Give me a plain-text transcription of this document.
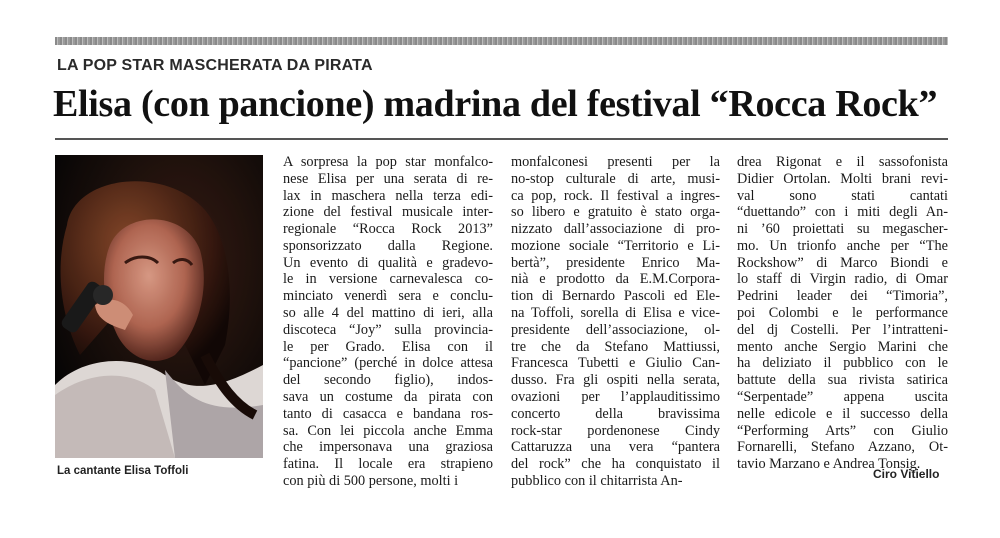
LA POP STAR MASCHERATA DA PIRATA
Elisa (con pancione) madrina del festival “Rocca Rock”
La cantante Elisa Toffoli
A sorpresa la pop star monfalco-
nese Elisa per una serata di re-
lax in maschera nella terza edi-
zione del festival musicale inter-
regionale “Rocca Rock 2013”
sponsorizzato dalla Regione.
Un evento di qualità e gradevo-
le in versione carnevalesca co-
minciato venerdì sera e conclu-
so alle 4 del mattino di ieri, alla
discoteca “Joy” sulla provincia-
le per Grado. Elisa con il
“pancione” (perché in dolce attesa
del secondo figlio), indos-
sava un costume da pirata con
tanto di casacca e bandana ros-
sa. Con lei piccola anche Emma
che impersonava una graziosa
fatina. Il locale era strapieno
con più di 500 persone, molti i
monfalconesi presenti per la
no-stop culturale di arte, musi-
ca pop, rock. Il festival a ingres-
so libero e gratuito è stato orga-
nizzato dall’associazione di pro-
mozione sociale “Territorio e Li-
bertà”, presidente Enrico Ma-
nià e prodotto da E.M.Corpora-
tion di Bernardo Pascoli ed Ele-
na Toffoli, sorella di Elisa e vice-
presidente dell’associazione, ol-
tre che da Stefano Mattiussi,
Francesca Tubetti e Giulio Can-
dusso. Fra gli ospiti nella serata,
ovazioni per l’applauditissimo
concerto della bravissima
rock-star pordenonese Cindy
Cattaruzza una vera “pantera
del rock” che ha conquistato il
pubblico con il chitarrista An-
drea Rigonat e il sassofonista
Didier Ortolan. Molti brani revi-
val sono stati cantati
“duettando” con i miti degli An-
ni ’60 proiettati su megascher-
mo. Un trionfo anche per “The
Rockshow” di Marco Biondi e
lo staff di Virgin radio, di Omar
Pedrini leader dei “Timoria”,
poi Colombi e le performance
del dj Costelli. Per l’intratteni-
mento anche Sergio Marini che
ha deliziato il pubblico con le
battute della sua rivista satirica
“Serpentade” appena uscita
nelle edicole e il successo della
“Performing Arts” con Giulio
Fornarelli, Stefano Azzano, Ot-
tavio Marzano e Andrea Tonsig.
Ciro Vitiello
